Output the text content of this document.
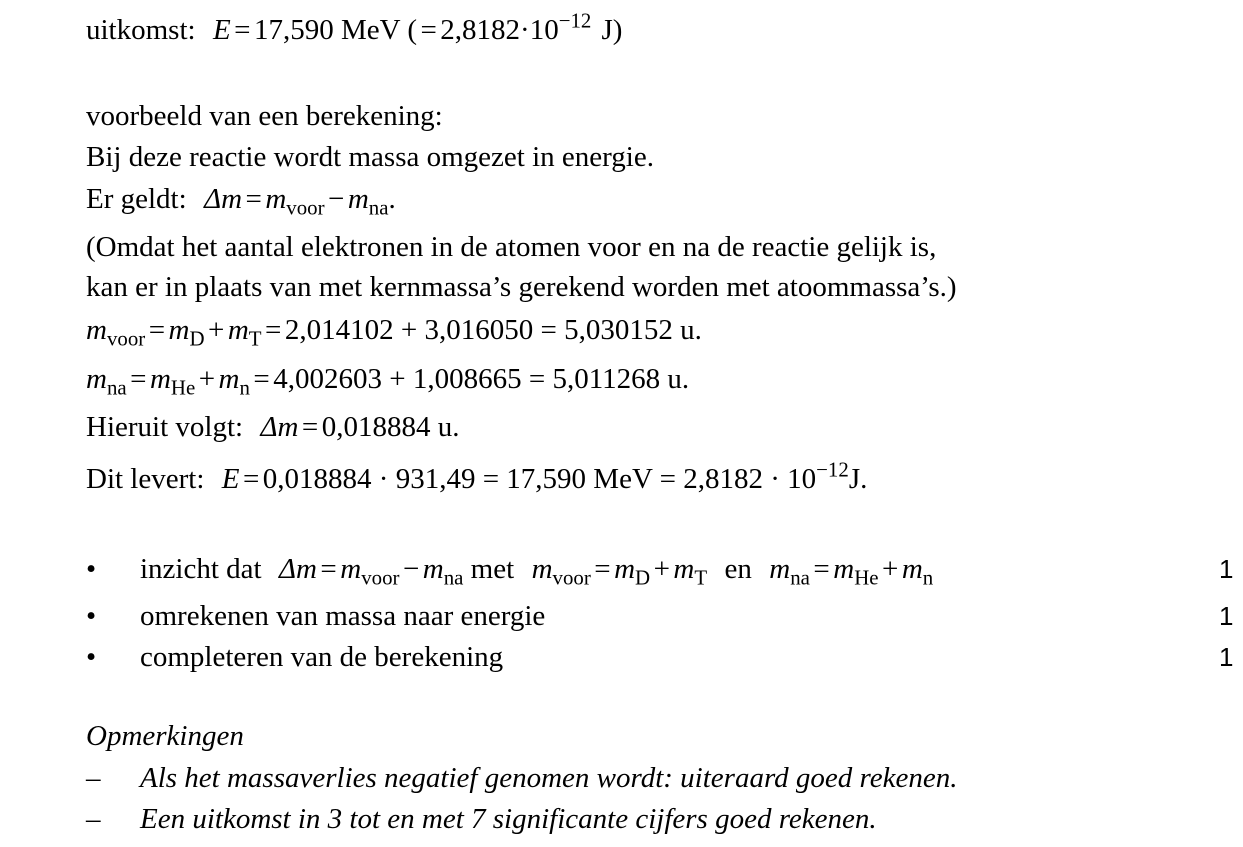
uitkomst: E = 17,590 MeV ( = $2,8182\cdot 10^{-12}$ J)
voorbeeld van een berekening:
Bij deze reactie wordt massa omgezet in energie.
Er geldt: $\Delta m = m_{voor} - m_{na}$.
(Omdat het aantal elektronen in de atomen voor en na de reactie gelijk is,
kan er in plaats van met kernmassa’s gerekend worden met atoommassa’s.)
$m_{voor} = m_D + m_T = 2,014102 + 3,016050 = 5,030152$ u.
$m_{na} = m_{He} + m_n = 4,002603 + 1,008665 = 5,011268$ u.
Hieruit volgt: Δm = 0,018884 u.
Dit levert: E = 0,018884 · 931,49 = 17,590 MeV = $2,8182 \cdot 10^{-12}J$.
• inzicht dat $\Delta m = m_{voor} - m_{na}$ met $m_{voor} = m_D + m_T$ en $m_{na} = m_{He} + m_n$	1
• omrekenen van massa naar energie	1
• completeren van de berekening	1
Opmerkingen
– Als het massaverlies negatief genomen wordt: uiteraard goed rekenen.
– Een uitkomst in 3 tot en met 7 significante cijfers goed rekenen.
